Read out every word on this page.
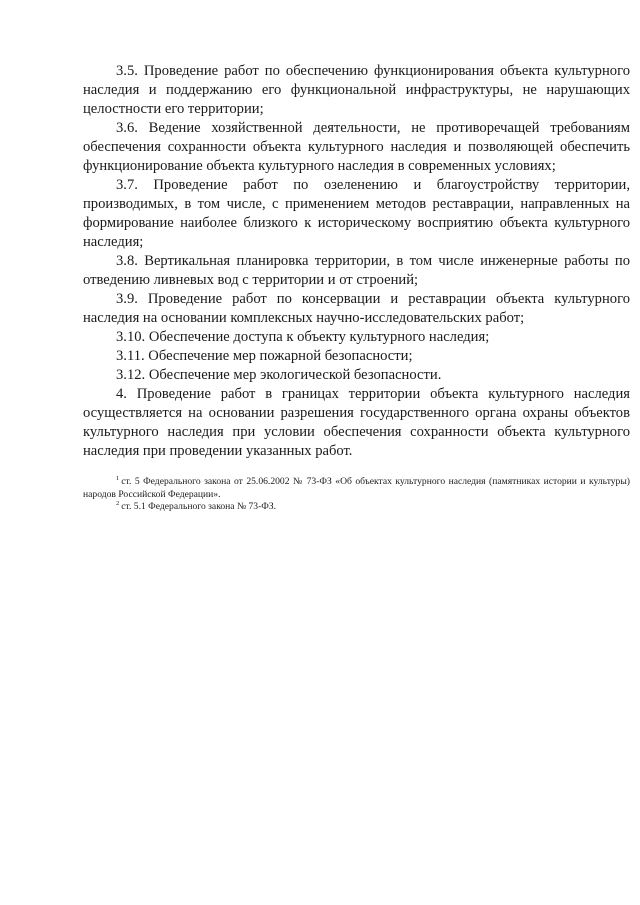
3.5. Проведение работ по обеспечению функционирования объекта культурного наследия и поддержанию его функциональной инфраструктуры, не нарушающих целостности его территории;

3.6. Ведение хозяйственной деятельности, не противоречащей требованиям обеспечения сохранности объекта культурного наследия и позволяющей обеспечить функционирование объекта культурного наследия в современных условиях;

3.7. Проведение работ по озеленению и благоустройству территории, производимых, в том числе, с применением методов реставрации, направленных на формирование наиболее близкого к историческому восприятию объекта культурного наследия;

3.8. Вертикальная планировка территории, в том числе инженерные работы по отведению ливневых вод с территории и от строений;

3.9. Проведение работ по консервации и реставрации объекта культурного наследия на основании комплексных научно-исследовательских работ;

3.10. Обеспечение доступа к объекту культурного наследия;

3.11. Обеспечение мер пожарной безопасности;

3.12. Обеспечение мер экологической безопасности.

4. Проведение работ в границах территории объекта культурного наследия осуществляется на основании разрешения государственного органа охраны объектов культурного наследия при условии обеспечения сохранности объекта культурного наследия при проведении указанных работ.

$^1$ ст. 5 Федерального закона от 25.06.2002 № 73-ФЗ «Об объектах культурного наследия (памятниках истории и культуры) народов Российской Федерации».

$^2$ ст. 5.1 Федерального закона № 73-ФЗ.
